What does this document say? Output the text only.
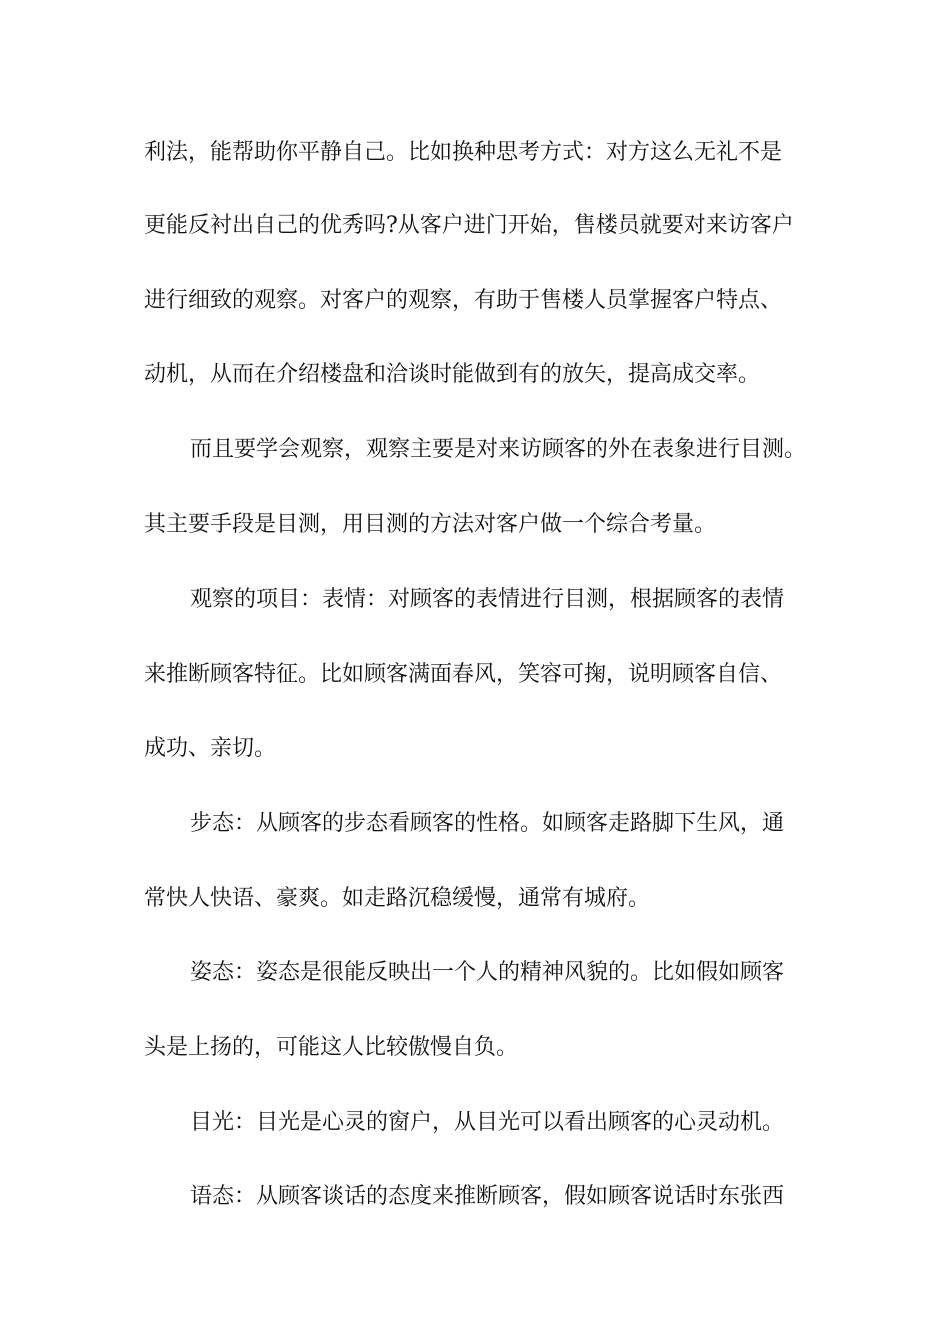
利法，能帮助你平静自己。比如换种思考方式：对方这么无礼不是
更能反衬出自己的优秀吗?从客户进门开始，售楼员就要对来访客户
进行细致的观察。对客户的观察，有助于售楼人员掌握客户特点、
动机，从而在介绍楼盘和洽谈时能做到有的放矢，提高成交率。
而且要学会观察，观察主要是对来访顾客的外在表象进行目测。
其主要手段是目测，用目测的方法对客户做一个综合考量。
观察的项目：表情：对顾客的表情进行目测，根据顾客的表情
来推断顾客特征。比如顾客满面春风，笑容可掬，说明顾客自信、
成功、亲切。
步态：从顾客的步态看顾客的性格。如顾客走路脚下生风，通
常快人快语、豪爽。如走路沉稳缓慢，通常有城府。
姿态：姿态是很能反映出一个人的精神风貌的。比如假如顾客
头是上扬的，可能这人比较傲慢自负。
目光：目光是心灵的窗户，从目光可以看出顾客的心灵动机。
语态：从顾客谈话的态度来推断顾客，假如顾客说话时东张西
